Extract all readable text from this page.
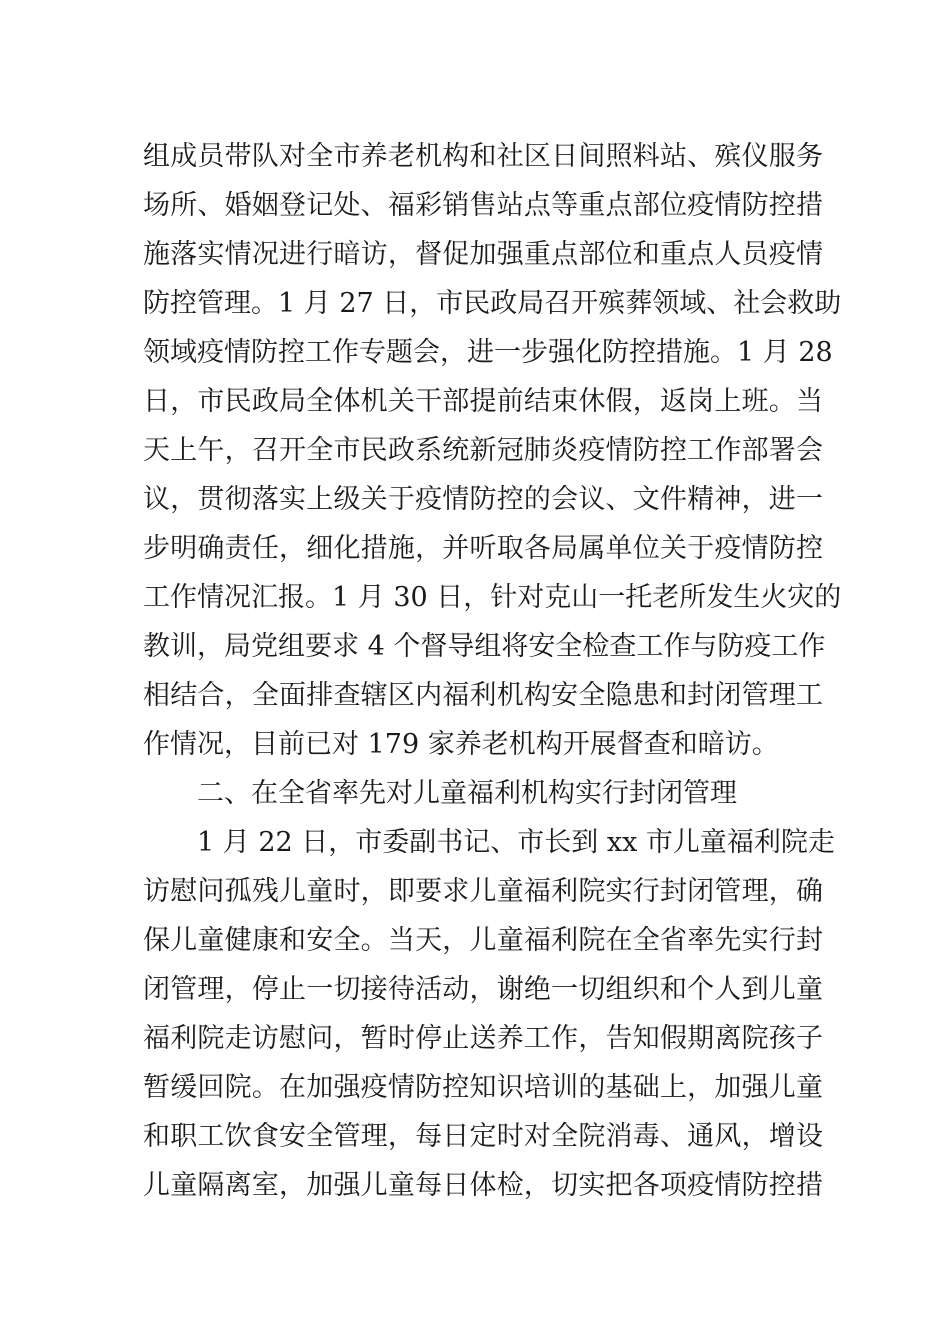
组成员带队对全市养老机构和社区日间照料站、殡仪服务
场所、婚姻登记处、福彩销售站点等重点部位疫情防控措
施落实情况进行暗访，督促加强重点部位和重点人员疫情
防控管理。1 月 27 日，市民政局召开殡葬领域、社会救助
领域疫情防控工作专题会，进一步强化防控措施。1 月 28
日，市民政局全体机关干部提前结束休假，返岗上班。当
天上午，召开全市民政系统新冠肺炎疫情防控工作部署会
议，贯彻落实上级关于疫情防控的会议、文件精神，进一
步明确责任，细化措施，并听取各局属单位关于疫情防控
工作情况汇报。1 月 30 日，针对克山一托老所发生火灾的
教训，局党组要求 4 个督导组将安全检查工作与防疫工作
相结合，全面排查辖区内福利机构安全隐患和封闭管理工
作情况，目前已对 179 家养老机构开展督查和暗访。
二、在全省率先对儿童福利机构实行封闭管理
1 月 22 日，市委副书记、市长到 xx 市儿童福利院走
访慰问孤残儿童时，即要求儿童福利院实行封闭管理，确
保儿童健康和安全。当天，儿童福利院在全省率先实行封
闭管理，停止一切接待活动，谢绝一切组织和个人到儿童
福利院走访慰问，暂时停止送养工作，告知假期离院孩子
暂缓回院。在加强疫情防控知识培训的基础上，加强儿童
和职工饮食安全管理，每日定时对全院消毒、通风，增设
儿童隔离室，加强儿童每日体检，切实把各项疫情防控措
